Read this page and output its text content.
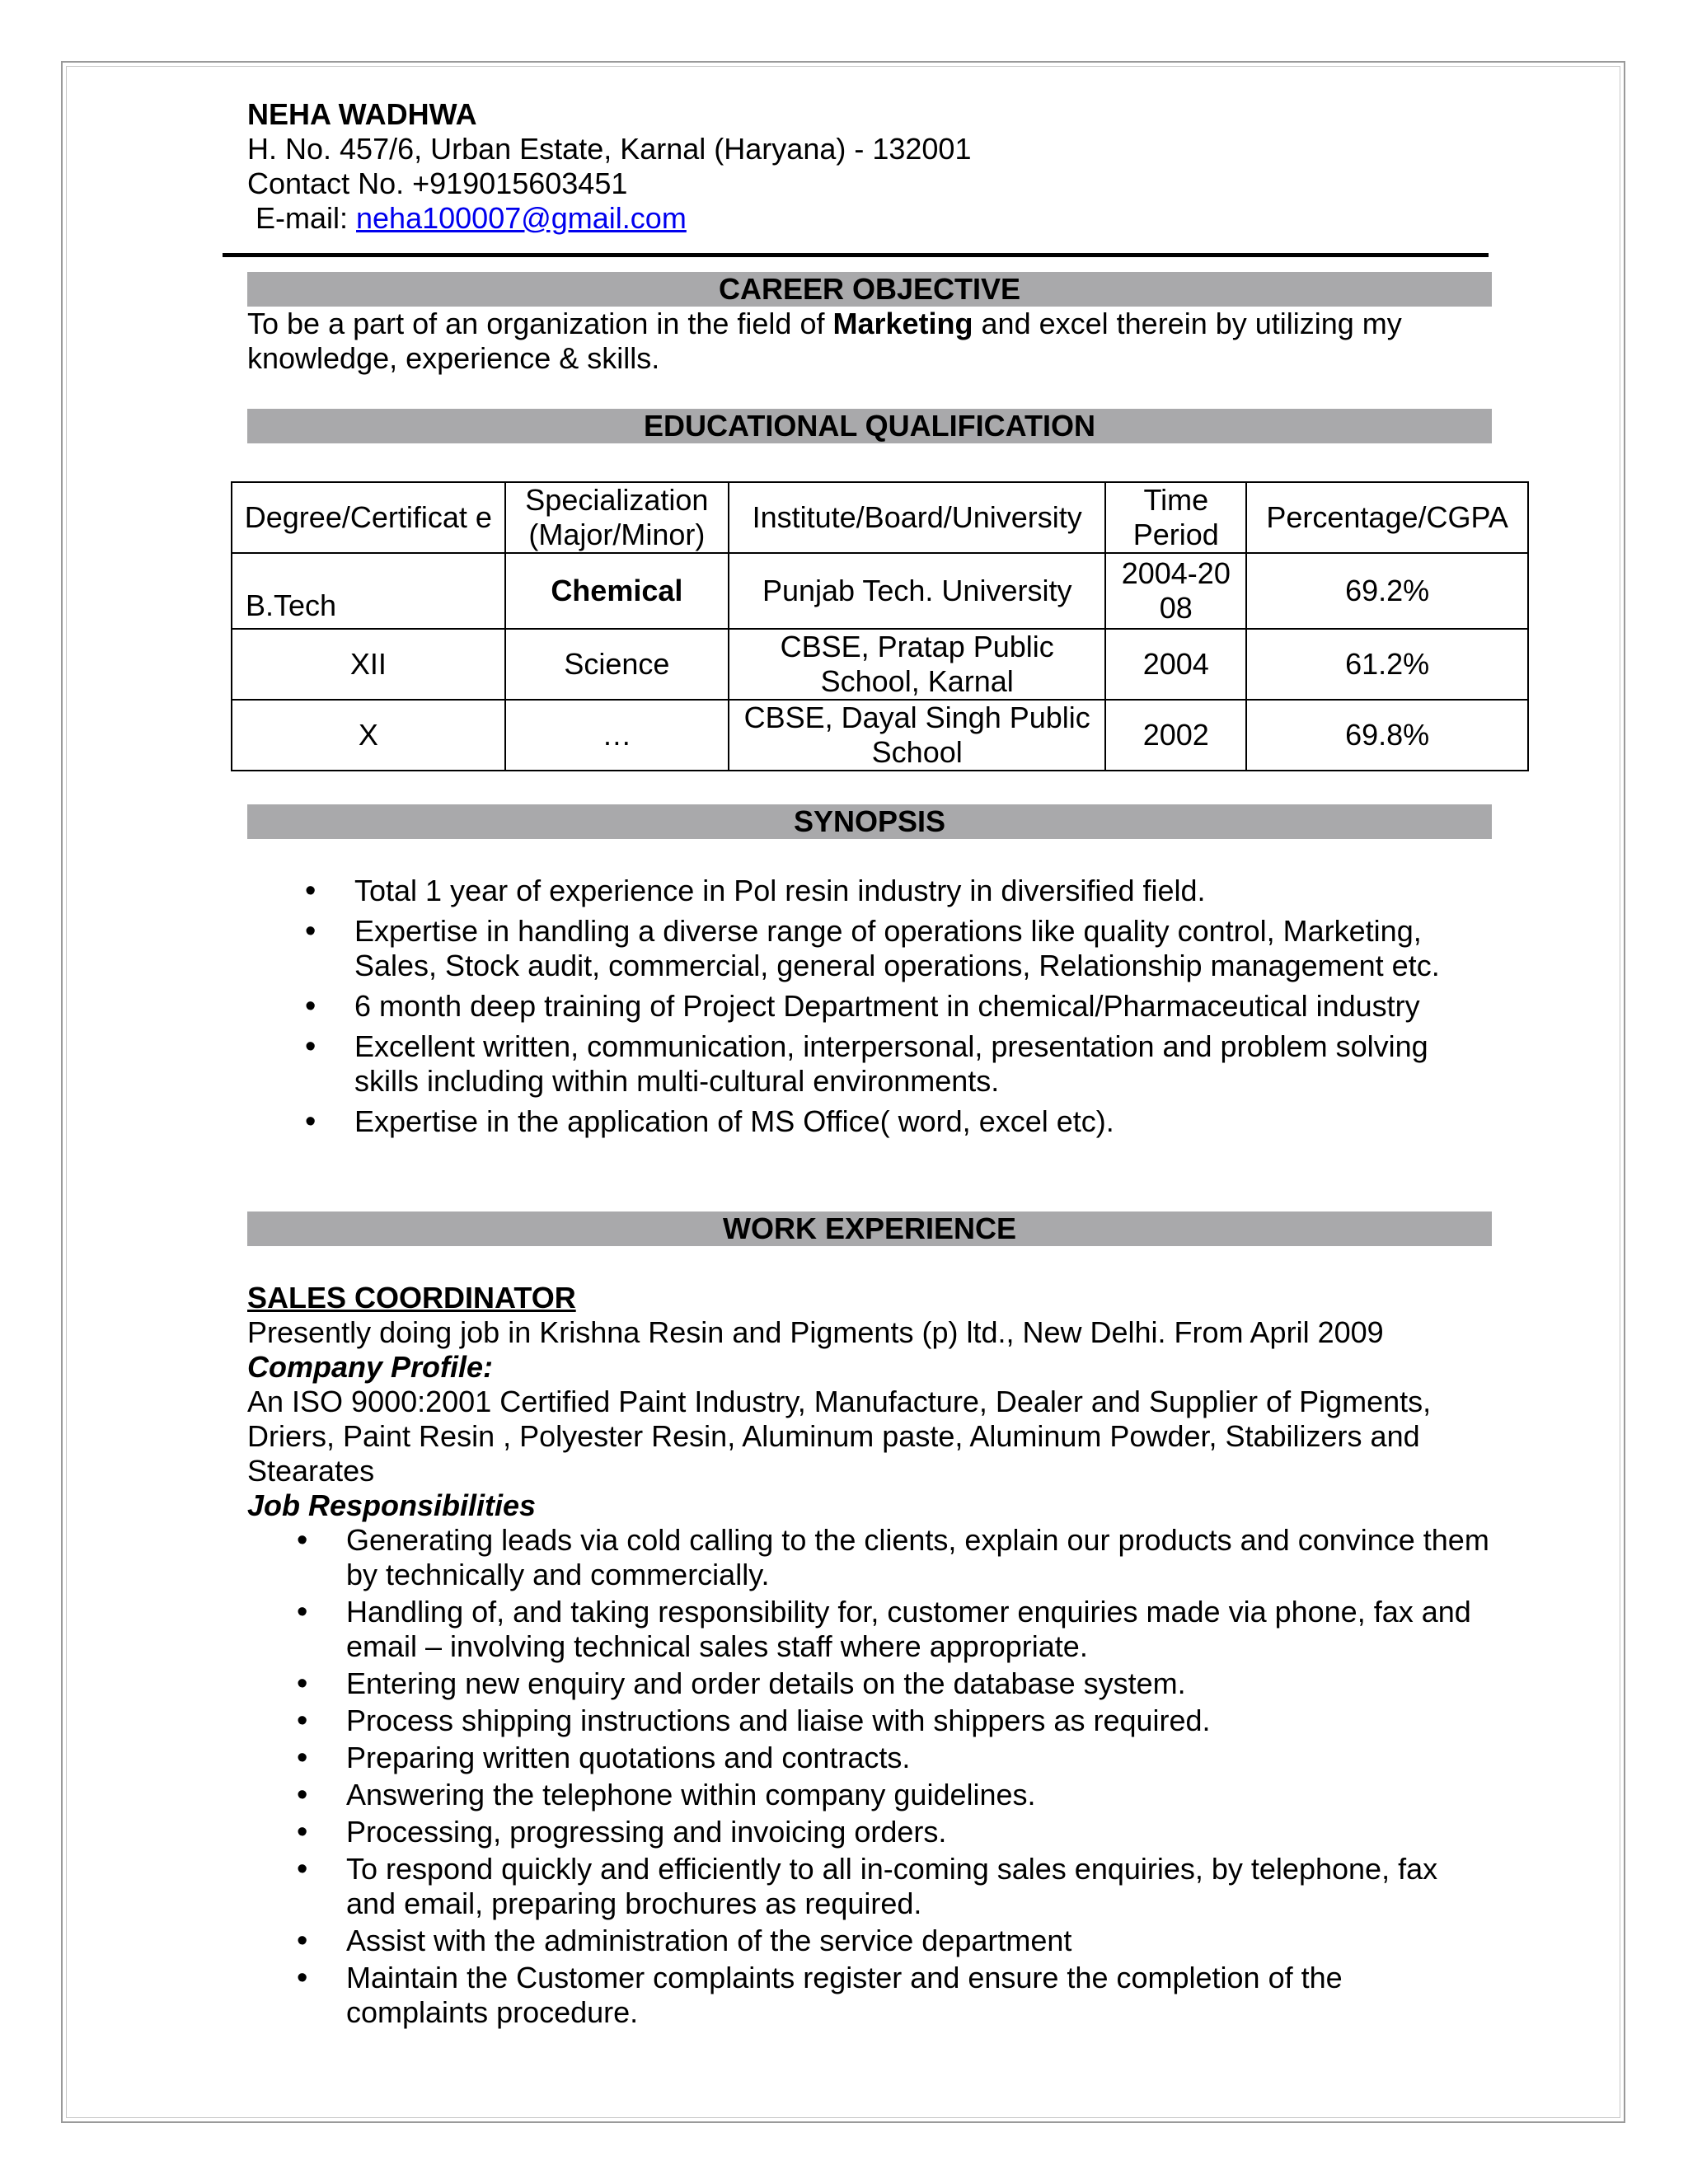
NEHA WADHWA
H. No. 457/6, Urban Estate, Karnal (Haryana) - 132001
Contact No. +919015603451
E-mail: neha100007@gmail.com
CAREER OBJECTIVE

To be a part of an organization in the field of Marketing and excel therein by utilizing my knowledge, experience & skills.

EDUCATIONAL QUALIFICATION
Degree/Certificat e	Specialization (Major/Minor)	Institute/Board/University	Time Period	Percentage/CGPA
B.Tech	Chemical	Punjab Tech. University	2004-20 08	69.2%
XII	Science	CBSE, Pratap Public School, Karnal	2004	61.2%
X	…	CBSE, Dayal Singh Public School	2002	69.8%
SYNOPSIS
• Total 1 year of experience in Pol resin industry in diversified field.
• Expertise in handling a diverse range of operations like quality control, Marketing, Sales, Stock audit, commercial, general operations, Relationship management etc.
• 6 month deep training of Project Department in chemical/Pharmaceutical industry
• Excellent written, communication, interpersonal, presentation and problem solving skills including within multi-cultural environments.
• Expertise in the application of MS Office( word, excel etc).
WORK EXPERIENCE
SALES COORDINATOR
Presently doing job in Krishna Resin and Pigments (p) ltd., New Delhi. From April 2009
Company Profile:
An ISO 9000:2001 Certified Paint Industry, Manufacture, Dealer and Supplier of Pigments, Driers, Paint Resin , Polyester Resin, Aluminum paste, Aluminum Powder, Stabilizers and Stearates
Job Responsibilities
• Generating leads via cold calling to the clients, explain our products and convince them by technically and commercially.
• Handling of, and taking responsibility for, customer enquiries made via phone, fax and email – involving technical sales staff where appropriate.
• Entering new enquiry and order details on the database system.
• Process shipping instructions and liaise with shippers as required.
• Preparing written quotations and contracts.
• Answering the telephone within company guidelines.
• Processing, progressing and invoicing orders.
• To respond quickly and efficiently to all in-coming sales enquiries, by telephone, fax and email, preparing brochures as required.
• Assist with the administration of the service department
• Maintain the Customer complaints register and ensure the completion of the complaints procedure.
